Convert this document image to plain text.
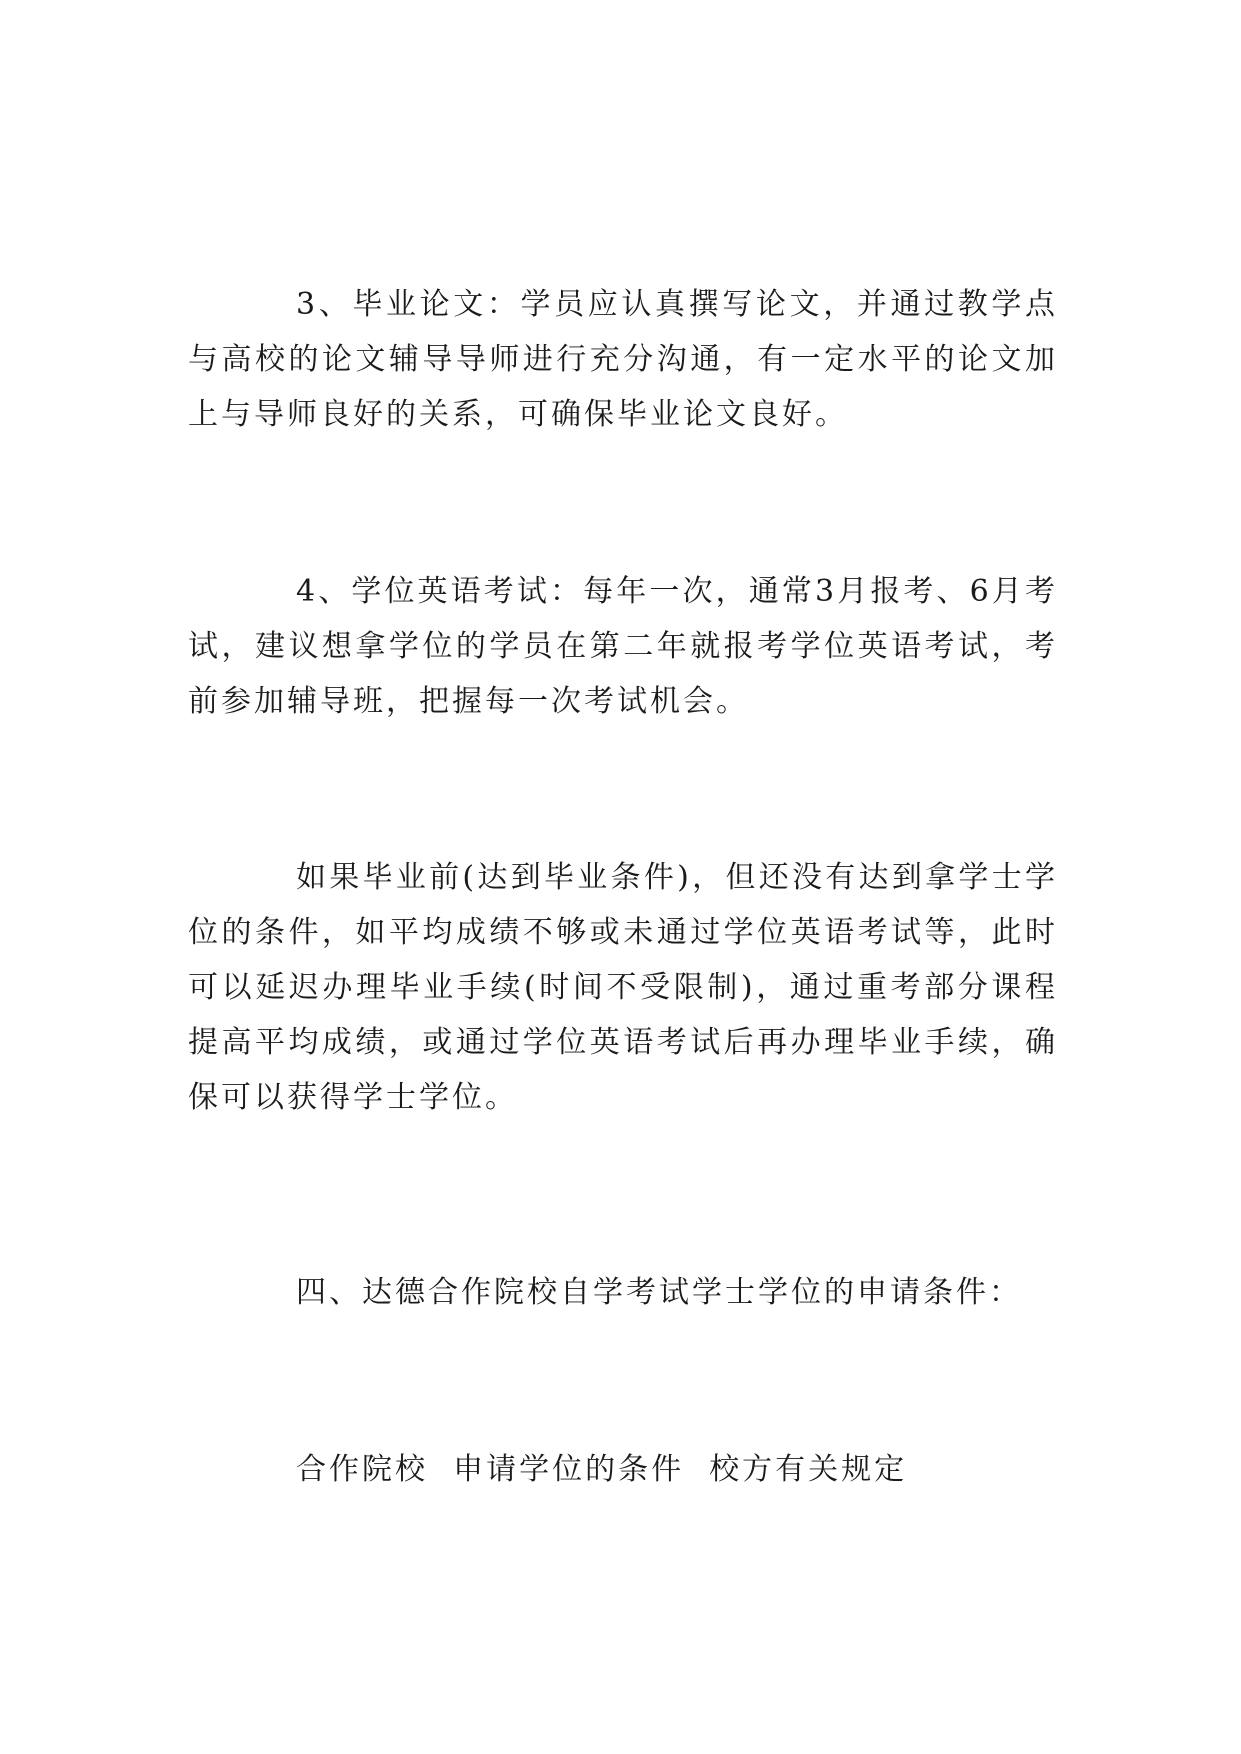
3、毕业论文：学员应认真撰写论文，并通过教学点与高校的论文辅导导师进行充分沟通，有一定水平的论文加上与导师良好的关系，可确保毕业论文良好。

4、学位英语考试：每年一次，通常3月报考、6月考试，建议想拿学位的学员在第二年就报考学位英语考试，考前参加辅导班，把握每一次考试机会。

如果毕业前(达到毕业条件)，但还没有达到拿学士学位的条件，如平均成绩不够或未通过学位英语考试等，此时可以延迟办理毕业手续(时间不受限制)，通过重考部分课程提高平均成绩，或通过学位英语考试后再办理毕业手续，确保可以获得学士学位。

四、达德合作院校自学考试学士学位的申请条件：

合作院校  申请学位的条件  校方有关规定
